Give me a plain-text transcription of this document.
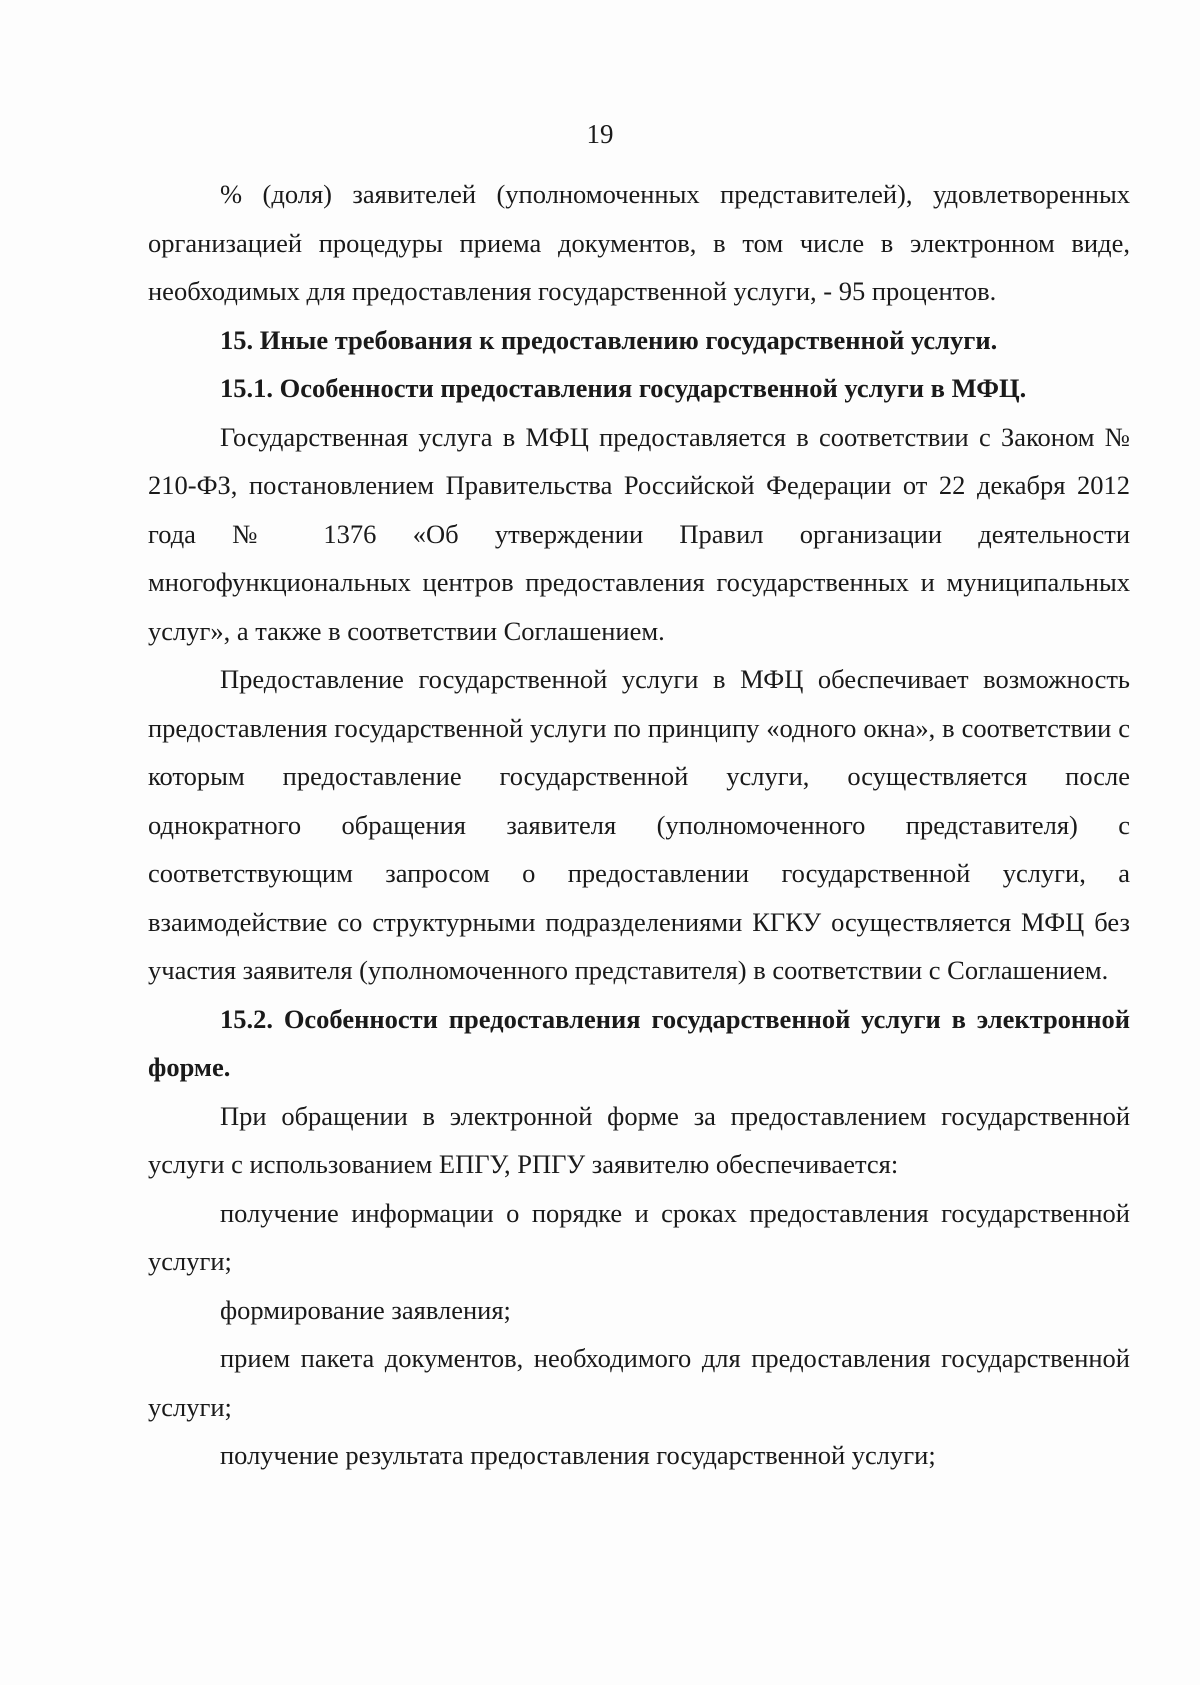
19

% (доля) заявителей (уполномоченных представителей), удовлетворенных организацией процедуры приема документов, в том числе в электронном виде, необходимых для предоставления государственной услуги, - 95 процентов.

15. Иные требования к предоставлению государственной услуги.

15.1. Особенности предоставления государственной услуги в МФЦ.

Государственная услуга в МФЦ предоставляется в соответствии с Законом № 210-ФЗ, постановлением Правительства Российской Федерации от 22 декабря 2012 года № 1376 «Об утверждении Правил организации деятельности многофункциональных центров предоставления государственных и муниципальных услуг», а также в соответствии Соглашением.

Предоставление государственной услуги в МФЦ обеспечивает возможность предоставления государственной услуги по принципу «одного окна», в соответствии с которым предоставление государственной услуги, осуществляется после однократного обращения заявителя (уполномоченного представителя) с соответствующим запросом о предоставлении государственной услуги, а взаимодействие со структурными подразделениями КГКУ осуществляется МФЦ без участия заявителя (уполномоченного представителя) в соответствии с Соглашением.

15.2. Особенности предоставления государственной услуги в электронной форме.

При обращении в электронной форме за предоставлением государственной услуги с использованием ЕПГУ, РПГУ заявителю обеспечивается:

получение информации о порядке и сроках предоставления государственной услуги;

формирование заявления;

прием пакета документов, необходимого для предоставления государственной услуги;

получение результата предоставления государственной услуги;
